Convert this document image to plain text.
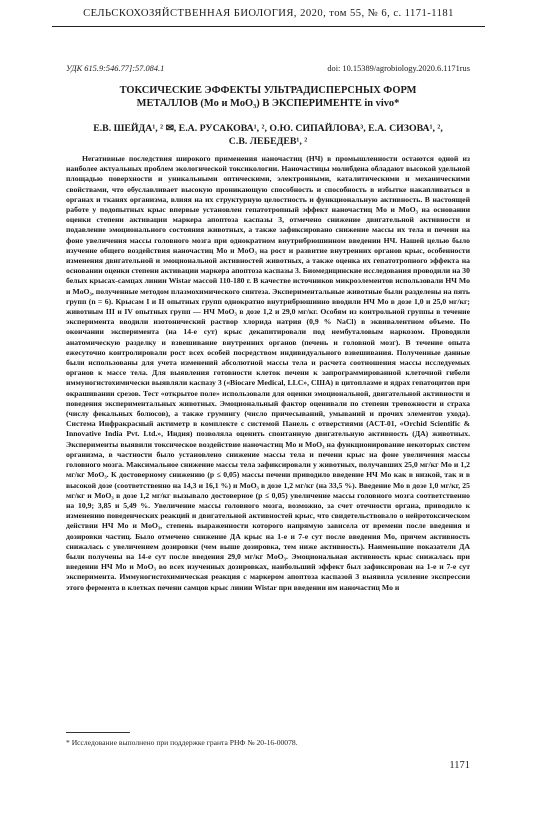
СЕЛЬСКОХОЗЯЙСТВЕННАЯ БИОЛОГИЯ, 2020, том 55, № 6, с. 1171-1181
УДК 615.9:546.77]:57.084.1	doi: 10.15389/agrobiology.2020.6.1171rus
ТОКСИЧЕСКИЕ ЭФФЕКТЫ УЛЬТРАДИСПЕРСНЫХ ФОРМ
МЕТАЛЛОВ (Mo и MoO₃) В ЭКСПЕРИМЕНТЕ in vivo*
Е.В. ШЕЙДА¹, ² ✉, Е.А. РУСАКОВА¹, ², О.Ю. СИПАЙЛОВА³, Е.А. СИЗОВА¹, ²,
С.В. ЛЕБЕДЕВ¹, ²
Негативные последствия широкого применения наночастиц (НЧ) в промышленности остаются одной из наиболее актуальных проблем экологической токсикологии. Наночастицы молибдена обладают высокой удельной площадью поверхности и уникальными оптическими, электронными, каталитическими и механическими свойствами, что обуславливает высокую проникающую способность и способность в избытке накапливаться в органах и тканях организма, влияя на их структурную целостность и функциональную активность. В настоящей работе у подопытных крыс впервые установлен гепатотропный эффект наночастиц Mo и MoO₃ на основании оценки степени активации маркера апоптоза каспазы 3, отмечено снижение двигательной активности и подавление эмоционального состояния животных, а также зафиксировано снижение массы их тела и печени на фоне увеличения массы головного мозга при однократном внутрибрюшинном введении НЧ. Нашей целью было изучение общего воздействия наночастиц Mo и MoO₃ на рост и развитие внутренних органов крыс, особенности изменения двигательной и эмоциональной активностей животных, а также оценка их гепатотропного эффекта на основании оценки степени активации маркера апоптоза каспазы 3. Биомедицинские исследования проводили на 30 белых крысах-самцах линии Wistar массой 110-180 г. В качестве источников микроэлементов использовали НЧ Mo и MoO₃, полученные методом плазмохимического синтеза. Экспериментальные животные были разделены на пять групп (n = 6). Крысам I и II опытных групп однократно внутрибрюшинно вводили НЧ Mo в дозе 1,0 и 25,0 мг/кг; животным III и IV опытных групп — НЧ MoO₃ в дозе 1,2 и 29,0 мг/кг. Особям из контрольной группы в течение эксперимента вводили изотонический раствор хлорида натрия (0,9 % NaCl) в эквивалентном объеме. По окончании эксперимента (на 14-е сут) крыс декапитировали под нембуталовым наркозом. Проводили анатомическую разделку и взвешивание внутренних органов (печень и головной мозг). В течение опыта ежесуточно контролировали рост всех особей посредством индивидуального взвешивания. Полученные данные были использованы для учета изменений абсолютной массы тела и расчета соотношения массы исследуемых органов к массе тела. Для выявления готовности клеток печени к запрограммированной клеточной гибели иммуногистохимически выявляли каспазу 3 («Biocare Medical, LLC», США) в цитоплазме и ядрах гепатоцитов при окрашивании срезов. Тест «открытое поле» использовали для оценки эмоциональной, двигательной активности и поведения экспериментальных животных. Эмоциональный фактор оценивали по степени тревожности и страха (числу фекальных болюсов), а также грумингу (число причесываний, умываний и прочих элементов ухода). Система Инфракрасный актиметр в комплекте с системой Панель с отверстиями (ACT-01, «Orchid Scientific & Innovative India Pvt. Ltd.», Индия) позволяла оценить спонтанную двигательную активность (ДА) животных. Эксперименты выявили токсическое воздействие наночастиц Mo и MoO₃ на функционирование некоторых систем организма, в частности было установлено снижение массы тела и печени крыс на фоне увеличения массы головного мозга. Максимальное снижение массы тела зафиксировали у животных, получавших 25,0 мг/кг Mo и 1,2 мг/кг MoO₃. К достоверному снижению (p ≤ 0,05) массы печени приводило введение НЧ Mo как в низкой, так и в высокой дозе (соответственно на 14,3 и 16,1 %) и MoO₃ в дозе 1,2 мг/кг (на 33,5 %). Введение Mo в дозе 1,0 мг/кг, 25 мг/кг и MoO₃ в дозе 1,2 мг/кг вызывало достоверное (p ≤ 0,05) увеличение массы головного мозга соответственно на 10,9; 3,85 и 5,49 %. Увеличение массы головного мозга, возможно, за счет отечности органа, приводило к изменению поведенческих реакций и двигательной активностей крыс, что свидетельствовало о нейротоксическом действии НЧ Mo и MoO₃, степень выраженности которого напрямую зависела от времени после введения и дозировки частиц. Было отмечено снижение ДА крыс на 1-е и 7-е сут после введения Mo, причем активность снижалась с увеличением дозировки (чем выше дозировка, тем ниже активность). Наименьшие показатели ДА были получены на 14-е сут после введения 29,0 мг/кг MoO₃. Эмоциональная активность крыс снижалась при введении НЧ Mo и MoO₃ во всех изученных дозировках, наибольший эффект был зафиксирован на 1-е и 7-е сут эксперимента. Иммуногистохимическая реакция с маркером апоптоза каспазой 3 выявила усиление экспрессии этого фермента в клетках печени самцов крыс линии Wistar при введении им наночастиц Mo и
* Исследование выполнено при поддержке гранта РНФ № 20-16-00078.
1171
